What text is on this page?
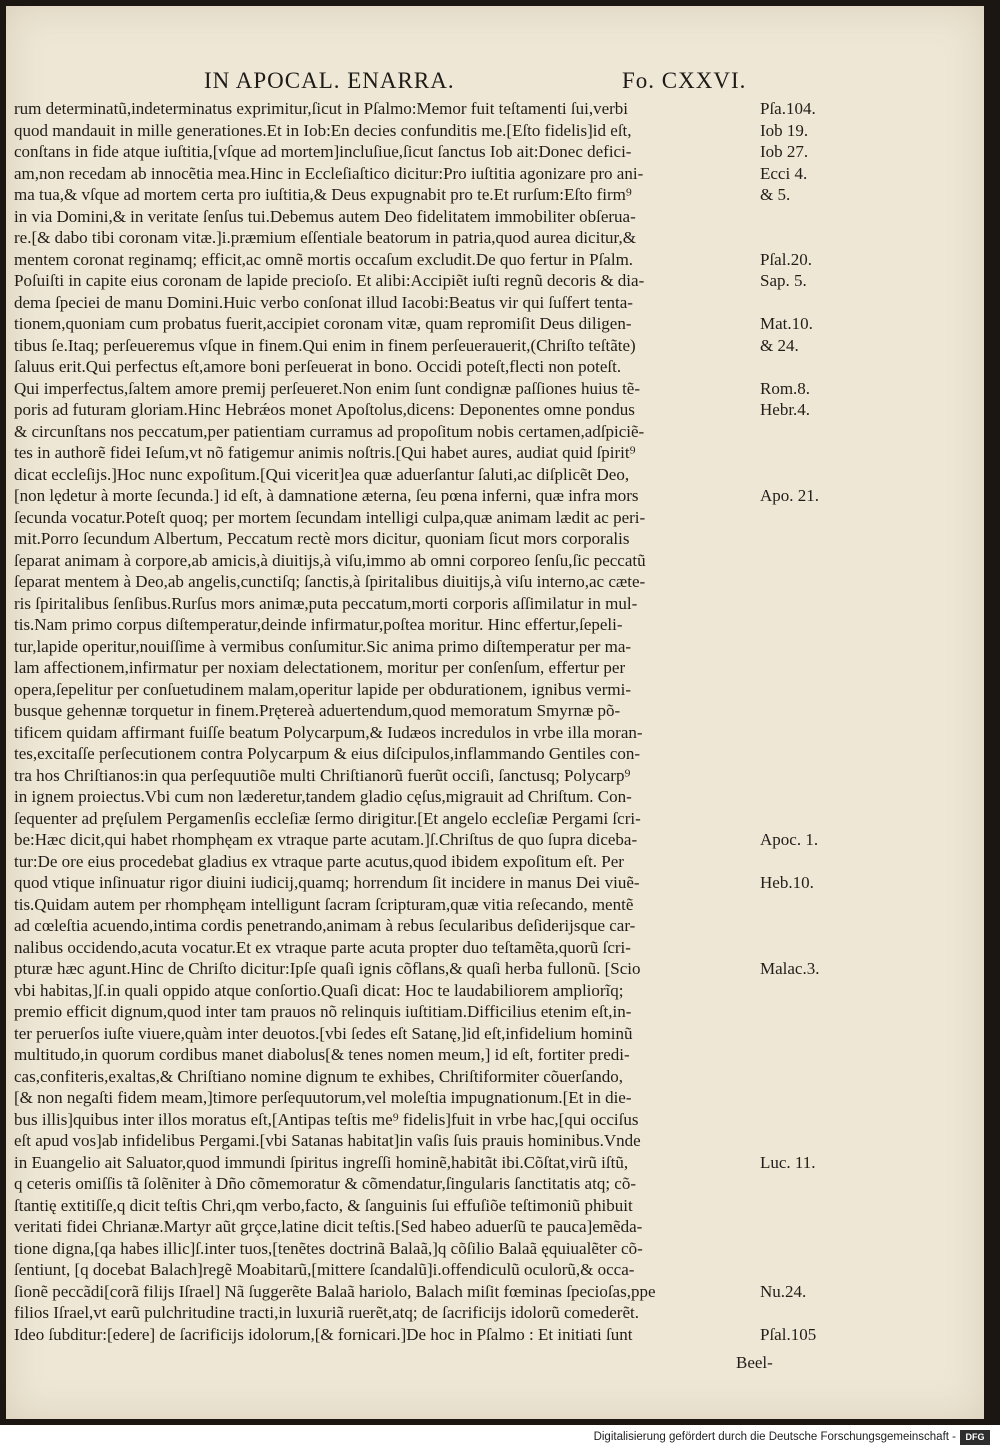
IN APOCAL. ENARRA.	Fo. CXXVI.
rum determinatũ,indeterminatus exprimitur,ſicut in Pſalmo:Memor fuit teſtamenti ſui,verbi	Pſa.104.
quod mandauit in mille generationes.Et in Iob:En decies confunditis me.[Eſto fidelis]id eſt,	Iob 19.
conſtans in fide atque iuſtitia,[vſque ad mortem]incluſiue,ſicut ſanctus Iob ait:Donec defici-	Iob 27.
am,non recedam ab innocẽtia mea.Hinc in Eccleſiaſtico dicitur:Pro iuſtitia agonizare pro ani-	Ecci 4.
ma tua,& vſque ad mortem certa pro iuſtitia,& Deus expugnabit pro te.Et rurſum:Eſto firm⁹	& 5.
in via Domini,& in veritate ſenſus tui.Debemus autem Deo fidelitatem immobiliter obſerua-
re.[& dabo tibi coronam vitæ.]i.præmium eſſentiale beatorum in patria,quod aurea dicitur,&
mentem coronat reginamq; efficit,ac omnẽ mortis occaſum excludit.De quo fertur in Pſalm.	Pſal.20.
Poſuiſti in capite eius coronam de lapide precioſo. Et alibi:Accipiẽt iuſti regnũ decoris & dia-	Sap. 5.
dema ſpeciei de manu Domini.Huic verbo conſonat illud Iacobi:Beatus vir qui ſuſfert tenta-
tionem,quoniam cum probatus fuerit,accipiet coronam vitæ, quam repromiſit Deus diligen-	Mat.10.
tibus ſe.Itaq; perſeueremus vſque in finem.Qui enim in finem perſeuerauerit,(Chriſto teſtãte)	& 24.
ſaluus erit.Qui perfectus eſt,amore boni perſeuerat in bono. Occidi poteſt,flecti non poteſt.
Qui imperfectus,ſaltem amore premij perſeueret.Non enim ſunt condignæ paſſiones huius tẽ-	Rom.8.
poris ad futuram gloriam.Hinc Hebrǽos monet Apoſtolus,dicens: Deponentes omne pondus	Hebr.4.
& circunſtans nos peccatum,per patientiam curramus ad propoſitum nobis certamen,adſpiciẽ-
tes in authorẽ fidei Ieſum,vt nõ fatigemur animis noſtris.[Qui habet aures, audiat quid ſpirit⁹
dicat eccleſijs.]Hoc nunc expoſitum.[Qui vicerit]ea quæ aduerſantur ſaluti,ac diſplicẽt Deo,
[non lędetur à morte ſecunda.] id eſt, à damnatione æterna, ſeu pœna inferni, quæ infra mors	Apo. 21.
ſecunda vocatur.Poteſt quoq; per mortem ſecundam intelligi culpa,quæ animam lædit ac peri-
mit.Porro ſecundum Albertum, Peccatum rectè mors dicitur, quoniam ſicut mors corporalis
ſeparat animam à corpore,ab amicis,à diuitijs,à viſu,immo ab omni corporeo ſenſu,ſic peccatũ
ſeparat mentem à Deo,ab angelis,cunctiſq; ſanctis,à ſpiritalibus diuitijs,à viſu interno,ac cæte-
ris ſpiritalibus ſenſibus.Rurſus mors animæ,puta peccatum,morti corporis aſſimilatur in mul-
tis.Nam primo corpus diſtemperatur,deinde infirmatur,poſtea moritur. Hinc effertur,ſepeli-
tur,lapide operitur,nouiſſime à vermibus conſumitur.Sic anima primo diſtemperatur per ma-
lam affectionem,infirmatur per noxiam delectationem, moritur per conſenſum, effertur per
opera,ſepelitur per conſuetudinem malam,operitur lapide per obdurationem, ignibus vermi-
busque gehennæ torquetur in finem.Prętereà aduertendum,quod memoratum Smyrnæ põ-
tificem quidam affirmant fuiſſe beatum Polycarpum,& Iudæos incredulos in vrbe illa moran-
tes,excitaſſe perſecutionem contra Polycarpum & eius diſcipulos,inflammando Gentiles con-
tra hos Chriſtianos:in qua perſequutiõe multi Chriſtianorũ fuerũt occiſi, ſanctusq; Polycarp⁹
in ignem proiectus.Vbi cum non læderetur,tandem gladio cęſus,migrauit ad Chriſtum. Con-
ſequenter ad pręſulem Pergamenſis eccleſiæ ſermo dirigitur.[Et angelo eccleſiæ Pergami ſcri-
be:Hæc dicit,qui habet rhomphęam ex vtraque parte acutam.]ſ.Chriſtus de quo ſupra diceba-	Apoc. 1.
tur:De ore eius procedebat gladius ex vtraque parte acutus,quod ibidem expoſitum eſt. Per
quod vtique inſinuatur rigor diuini iudicij,quamq; horrendum ſit incidere in manus Dei viuẽ-	Heb.10.
tis.Quidam autem per rhomphęam intelligunt ſacram ſcripturam,quæ vitia reſecando, mentẽ
ad cœleſtia acuendo,intima cordis penetrando,animam à rebus ſecularibus deſiderijsque car-
nalibus occidendo,acuta vocatur.Et ex vtraque parte acuta propter duo teſtamẽta,quorũ ſcri-
pturæ hæc agunt.Hinc de Chriſto dicitur:Ipſe quaſi ignis cõflans,& quaſi herba fullonũ. [Scio	Malac.3.
vbi habitas,]ſ.in quali oppido atque conſortio.Quaſi dicat: Hoc te laudabiliorem ampliorĩq;
premio efficit dignum,quod inter tam prauos nõ relinquis iuſtitiam.Difficilius etenim eſt,in-
ter peruerſos iuſte viuere,quàm inter deuotos.[vbi ſedes eſt Satanę,]id eſt,infidelium hominũ
multitudo,in quorum cordibus manet diabolus[& tenes nomen meum,] id eſt, fortiter predi-
cas,confiteris,exaltas,& Chriſtiano nomine dignum te exhibes, Chriſtiformiter cõuerſando,
[& non negaſti fidem meam,]timore perſequutorum,vel moleſtia impugnationum.[Et in die-
bus illis]quibus inter illos moratus eſt,[Antipas teſtis me⁹ fidelis]fuit in vrbe hac,[qui occiſus
eſt apud vos]ab infidelibus Pergami.[vbi Satanas habitat]in vaſis ſuis prauis hominibus.Vnde
in Euangelio ait Saluator,quod immundi ſpiritus ingreſſi hominẽ,habitãt ibi.Cõſtat,virũ iſtũ,	Luc. 11.
q ceteris omiſſis tã ſolẽniter à Dño cõmemoratur & cõmendatur,ſingularis ſanctitatis atq; cõ-
ſtantię extitiſſe,q dicit teſtis Chri,qm verbo,facto, & ſanguinis ſui effuſiõe teſtimoniũ phibuit
veritati fidei Chrianæ.Martyr aũt grçce,latine dicit teſtis.[Sed habeo aduerſũ te pauca]emẽda-
tione digna,[qa habes illic]ſ.inter tuos,[tenẽtes doctrinã Balaã,]q cõſilio Balaã ęquiualẽter cõ-
ſentiunt, [q docebat Balach]regẽ Moabitarũ,[mittere ſcandalũ]i.offendiculũ oculorũ,& occa-
ſionẽ peccãdi[corã filijs Iſrael] Nã ſuggerẽte Balaã hariolo, Balach miſit fœminas ſpecioſas,ppe	Nu.24.
filios Iſrael,vt earũ pulchritudine tracti,in luxuriã ruerẽt,atq; de ſacrificijs idolorũ comederẽt.
Ideo ſubditur:[edere] de ſacrificijs idolorum,[& fornicari.]De hoc in Pſalmo : Et initiati ſunt	Pſal.105
Beel-
Digitalisierung gefördert durch die Deutsche Forschungsgemeinschaft -	DFG
